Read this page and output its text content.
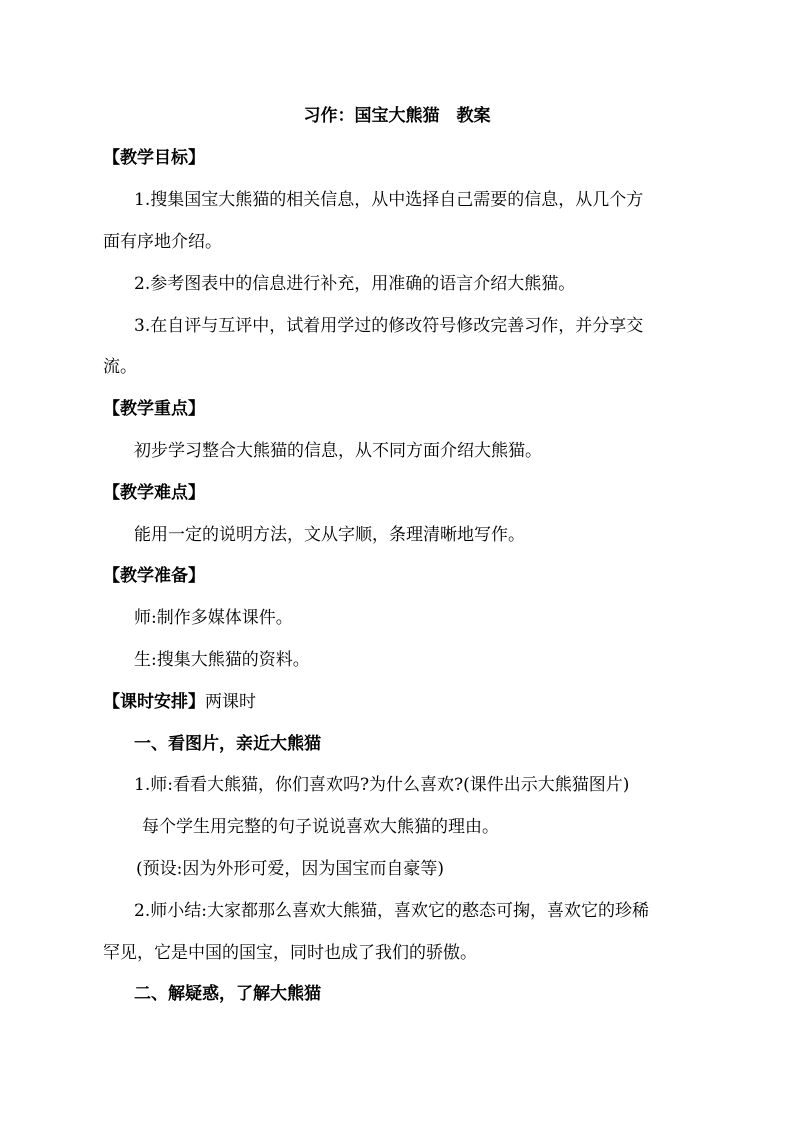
习作：国宝大熊猫　教案
【教学目标】
1.搜集国宝大熊猫的相关信息，从中选择自己需要的信息，从几个方
面有序地介绍。
2.参考图表中的信息进行补充，用准确的语言介绍大熊猫。
3.在自评与互评中，试着用学过的修改符号修改完善习作，并分享交
流。
【教学重点】
初步学习整合大熊猫的信息，从不同方面介绍大熊猫。
【教学难点】
能用一定的说明方法，文从字顺，条理清晰地写作。
【教学准备】
师:制作多媒体课件。
生:搜集大熊猫的资料。
【课时安排】两课时
一、看图片，亲近大熊猫
1.师:看看大熊猫，你们喜欢吗?为什么喜欢?(课件出示大熊猫图片)
每个学生用完整的句子说说喜欢大熊猫的理由。
(预设:因为外形可爱，因为国宝而自豪等)
2.师小结:大家都那么喜欢大熊猫，喜欢它的憨态可掬，喜欢它的珍稀
罕见，它是中国的国宝，同时也成了我们的骄傲。
二、解疑惑，了解大熊猫
